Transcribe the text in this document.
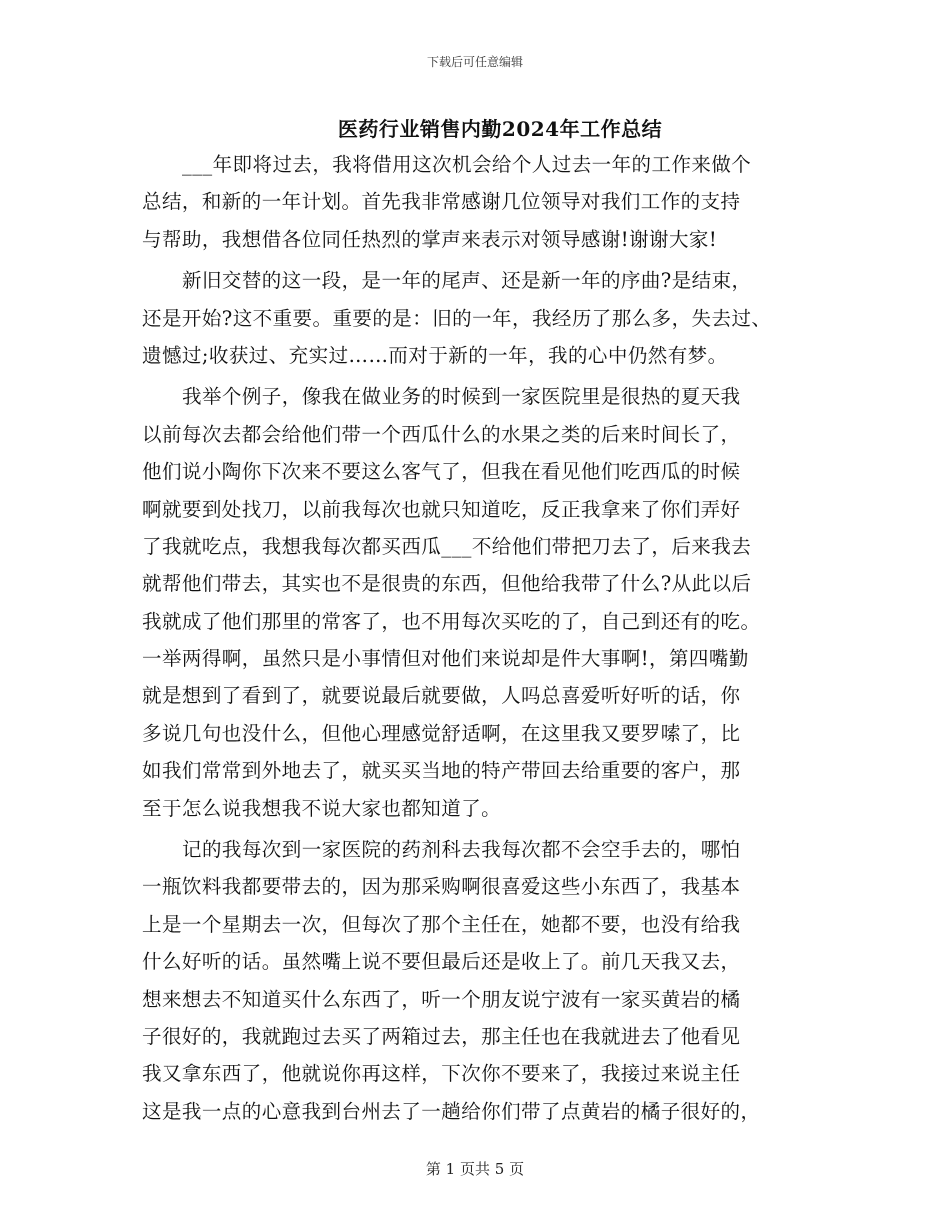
下载后可任意编辑
医药行业销售内勤2024年工作总结
___年即将过去，我将借用这次机会给个人过去一年的工作来做个
总结，和新的一年计划。首先我非常感谢几位领导对我们工作的支持
与帮助，我想借各位同任热烈的掌声来表示对领导感谢!谢谢大家!
新旧交替的这一段，是一年的尾声、还是新一年的序曲?是结束，
还是开始?这不重要。重要的是：旧的一年，我经历了那么多，失去过、
遗憾过;收获过、充实过……而对于新的一年，我的心中仍然有梦。
我举个例子，像我在做业务的时候到一家医院里是很热的夏天我
以前每次去都会给他们带一个西瓜什么的水果之类的后来时间长了，
他们说小陶你下次来不要这么客气了，但我在看见他们吃西瓜的时候
啊就要到处找刀，以前我每次也就只知道吃，反正我拿来了你们弄好
了我就吃点，我想我每次都买西瓜___不给他们带把刀去了，后来我去
就帮他们带去，其实也不是很贵的东西，但他给我带了什么?从此以后
我就成了他们那里的常客了，也不用每次买吃的了，自己到还有的吃。
一举两得啊，虽然只是小事情但对他们来说却是件大事啊!，第四嘴勤
就是想到了看到了，就要说最后就要做，人吗总喜爱听好听的话，你
多说几句也没什么，但他心理感觉舒适啊，在这里我又要罗嗦了，比
如我们常常到外地去了，就买买当地的特产带回去给重要的客户，那
至于怎么说我想我不说大家也都知道了。
记的我每次到一家医院的药剂科去我每次都不会空手去的，哪怕
一瓶饮料我都要带去的，因为那采购啊很喜爱这些小东西了，我基本
上是一个星期去一次，但每次了那个主任在，她都不要，也没有给我
什么好听的话。虽然嘴上说不要但最后还是收上了。前几天我又去，
想来想去不知道买什么东西了，听一个朋友说宁波有一家买黄岩的橘
子很好的，我就跑过去买了两箱过去，那主任也在我就进去了他看见
我又拿东西了，他就说你再这样，下次你不要来了，我接过来说主任
这是我一点的心意我到台州去了一趟给你们带了点黄岩的橘子很好的，
第 1 页共 5 页
